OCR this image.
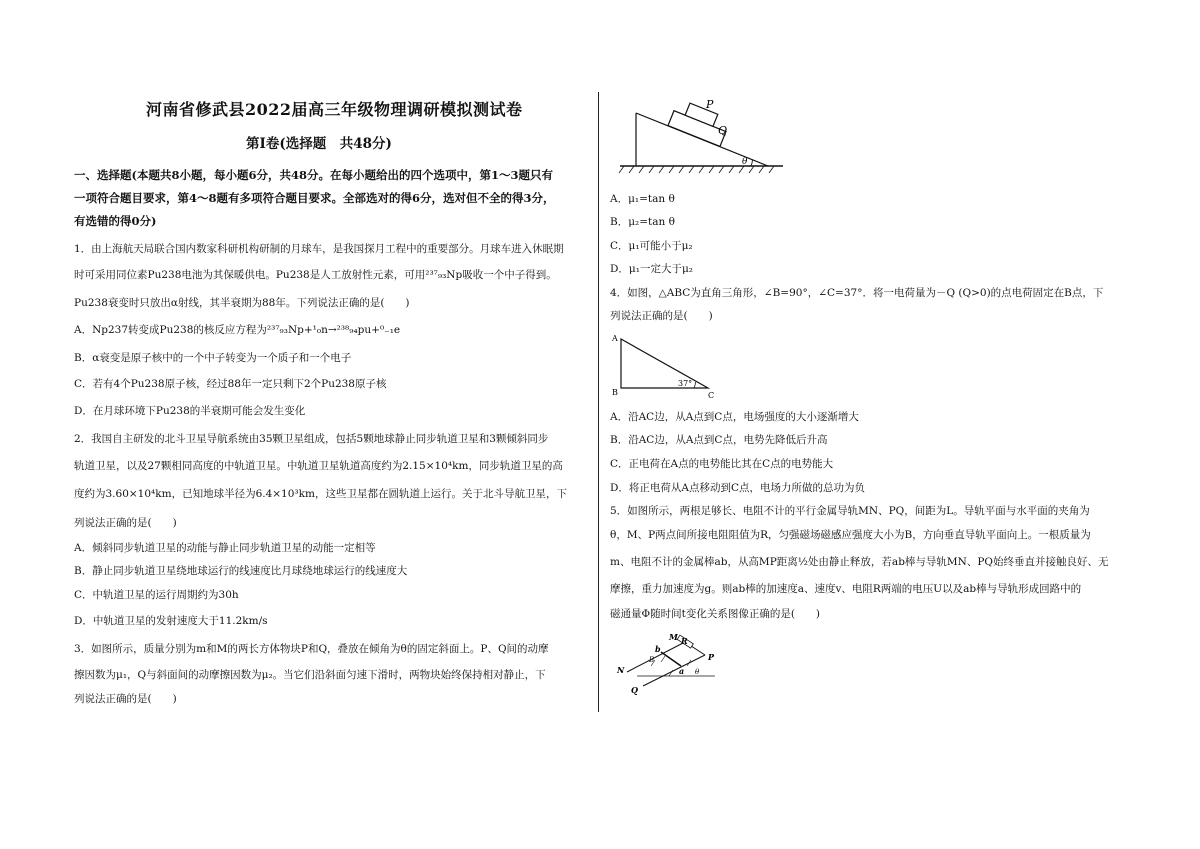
河南省修武县2022届高三年级物理调研模拟测试卷
第Ⅰ卷(选择题　共48分)
一、选择题(本题共8小题，每小题6分，共48分。在每小题给出的四个选项中，第1～3题只有
一项符合题目要求，第4～8题有多项符合题目要求。全部选对的得6分，选对但不全的得3分，
有选错的得0分)
1．由上海航天局联合国内数家科研机构研制的月球车，是我国探月工程中的重要部分。月球车进入休眠期
时可采用同位素Pu238电池为其保暖供电。Pu238是人工放射性元素，可用²³⁷₉₃Np吸收一个中子得到。
Pu238衰变时只放出α射线，其半衰期为88年。下列说法正确的是(　　)
A．Np237转变成Pu238的核反应方程为²³⁷₉₃Np+¹₀n→²³⁸₉₄pu+⁰₋₁e
B．α衰变是原子核中的一个中子转变为一个质子和一个电子
C．若有4个Pu238原子核，经过88年一定只剩下2个Pu238原子核
D．在月球环境下Pu238的半衰期可能会发生变化
2．我国自主研发的北斗卫星导航系统由35颗卫星组成，包括5颗地球静止同步轨道卫星和3颗倾斜同步
轨道卫星，以及27颗相同高度的中轨道卫星。中轨道卫星轨道高度约为2.15×10⁴km，同步轨道卫星的高
度约为3.60×10⁴km，已知地球半径为6.4×10³km，这些卫星都在圆轨道上运行。关于北斗导航卫星，下
列说法正确的是(　　)
A．倾斜同步轨道卫星的动能与静止同步轨道卫星的动能一定相等
B．静止同步轨道卫星绕地球运行的线速度比月球绕地球运行的线速度大
C．中轨道卫星的运行周期约为30h
D．中轨道卫星的发射速度大于11.2km/s
3．如图所示，质量分别为m和M的两长方体物块P和Q，叠放在倾角为θ的固定斜面上。P、Q间的动摩
擦因数为μ₁，Q与斜面间的动摩擦因数为μ₂。当它们沿斜面匀速下滑时，两物块始终保持相对静止，下
列说法正确的是(　　)
P
Q
θ
A．μ₁=tan θ
B．μ₂=tan θ
C．μ₁可能小于μ₂
D．μ₁一定大于μ₂
4．如图，△ABC为直角三角形，∠B=90°，∠C=37°．将一电荷量为－Q (Q>0)的点电荷固定在B点，下
列说法正确的是(　　)
A
B	C
37°
A．沿AC边，从A点到C点，电场强度的大小逐渐增大
B．沿AC边，从A点到C点，电势先降低后升高
C．正电荷在A点的电势能比其在C点的电势能大
D．将正电荷从A点移动到C点，电场力所做的总功为负
5．如图所示，两根足够长、电阻不计的平行金属导轨MN、PQ，间距为L。导轨平面与水平面的夹角为
θ，M、P两点间所接电阻阻值为R，匀强磁场磁感应强度大小为B，方向垂直导轨平面向上。一根质量为
m、电阻不计的金属棒ab，从高MP距离½处由静止释放，若ab棒与导轨MN、PQ始终垂直并接触良好、无
摩擦，重力加速度为g。则ab棒的加速度a、速度v、电阻R两端的电压U以及ab棒与导轨形成回路中的
磁通量Φ随时间t变化关系图像正确的是(　　)
N
M R
P
Q
b
a
B
θ
